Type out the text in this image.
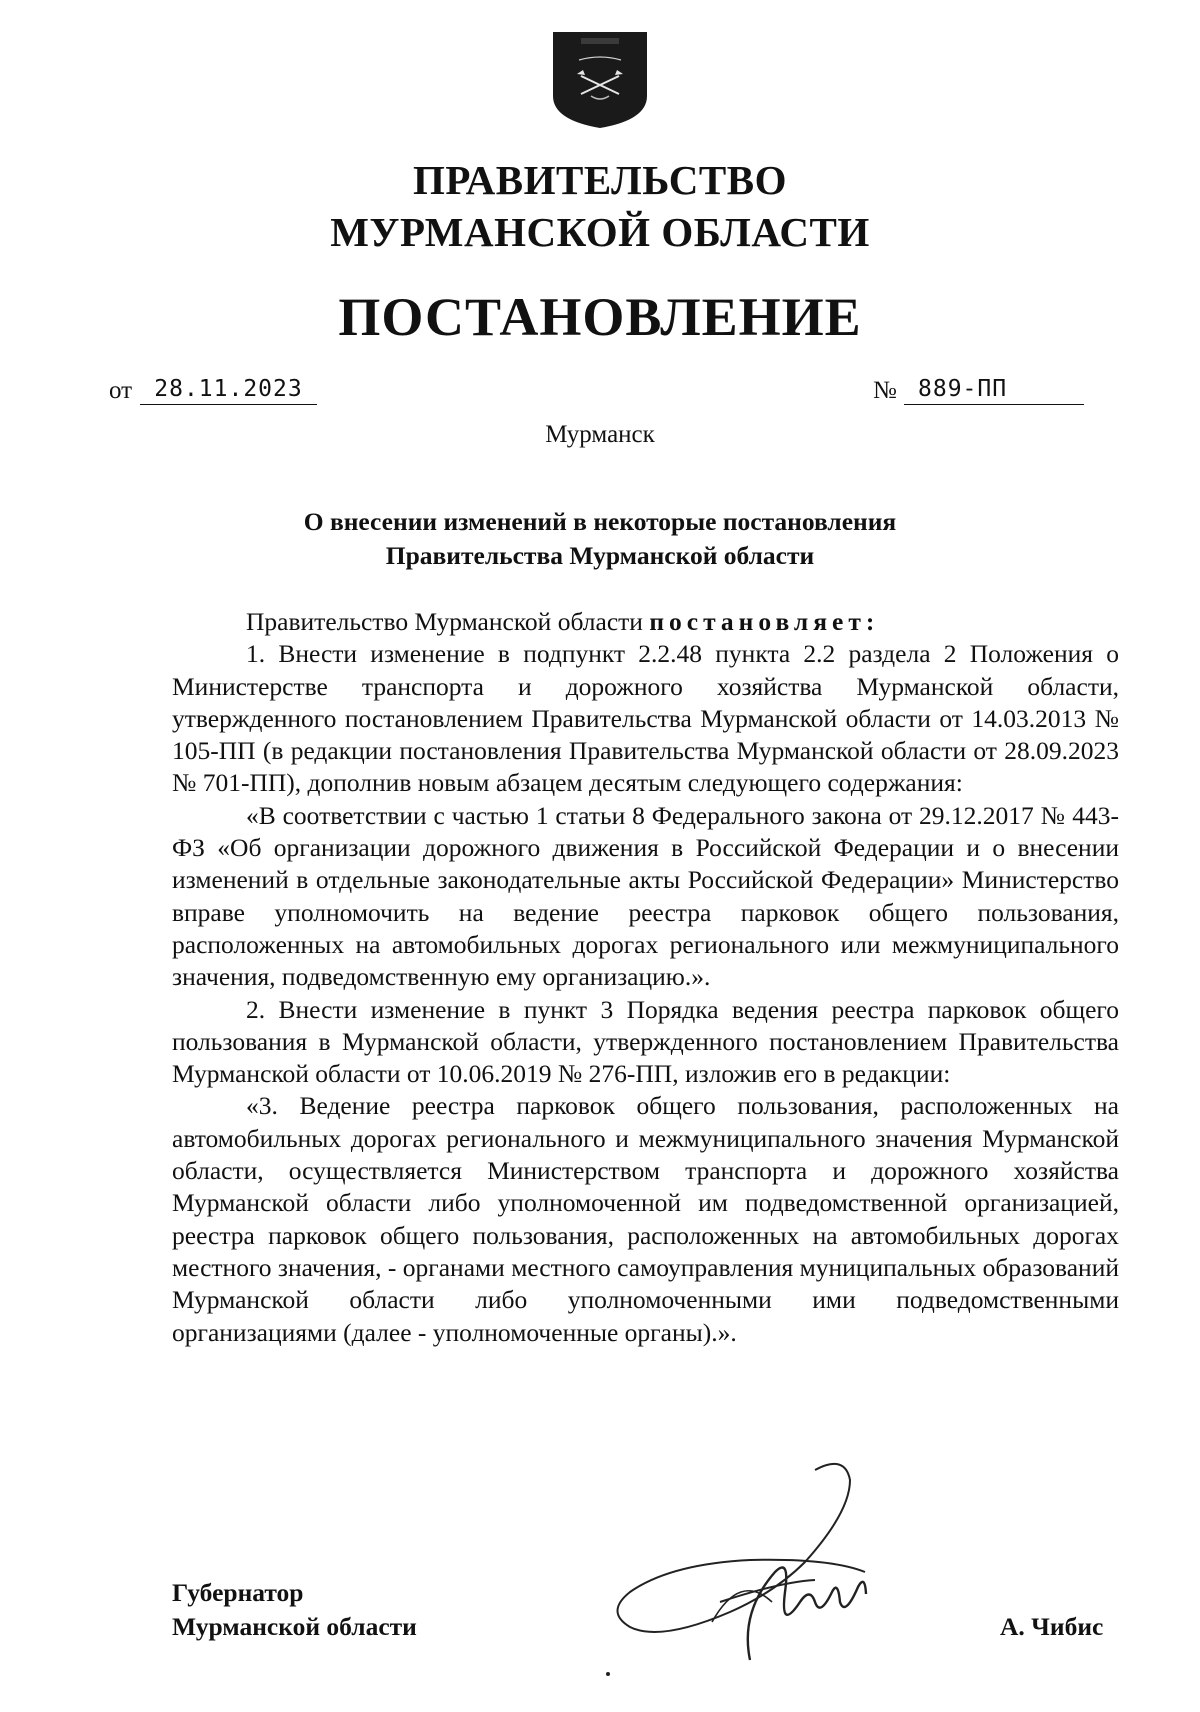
ПРАВИТЕЛЬСТВО
МУРМАНСКОЙ ОБЛАСТИ
ПОСТАНОВЛЕНИЕ
от 28.11.2023	№ 889-ПП
Мурманск
О внесении изменений в некоторые постановления
Правительства Мурманской области

Правительство Мурманской области постановляет:

1. Внести изменение в подпункт 2.2.48 пункта 2.2 раздела 2 Положения о Министерстве транспорта и дорожного хозяйства Мурманской области, утвержденного постановлением Правительства Мурманской области от 14.03.2013 № 105-ПП (в редакции постановления Правительства Мурманской области от 28.09.2023 № 701-ПП), дополнив новым абзацем десятым следующего содержания:

«В соответствии с частью 1 статьи 8 Федерального закона от 29.12.2017 № 443-ФЗ «Об организации дорожного движения в Российской Федерации и о внесении изменений в отдельные законодательные акты Российской Федерации» Министерство вправе уполномочить на ведение реестра парковок общего пользования, расположенных на автомобильных дорогах регионального или межмуниципального значения, подведомственную ему организацию.».

2. Внести изменение в пункт 3 Порядка ведения реестра парковок общего пользования в Мурманской области, утвержденного постановлением Правительства Мурманской области от 10.06.2019 № 276-ПП, изложив его в редакции:

«3. Ведение реестра парковок общего пользования, расположенных на автомобильных дорогах регионального и межмуниципального значения Мурманской области, осуществляется Министерством транспорта и дорожного хозяйства Мурманской области либо уполномоченной им подведомственной организацией, реестра парковок общего пользования, расположенных на автомобильных дорогах местного значения, - органами местного самоуправления муниципальных образований Мурманской области либо уполномоченными ими подведомственными организациями (далее - уполномоченные органы).».

Губернатор
Мурманской области	А. Чибис
